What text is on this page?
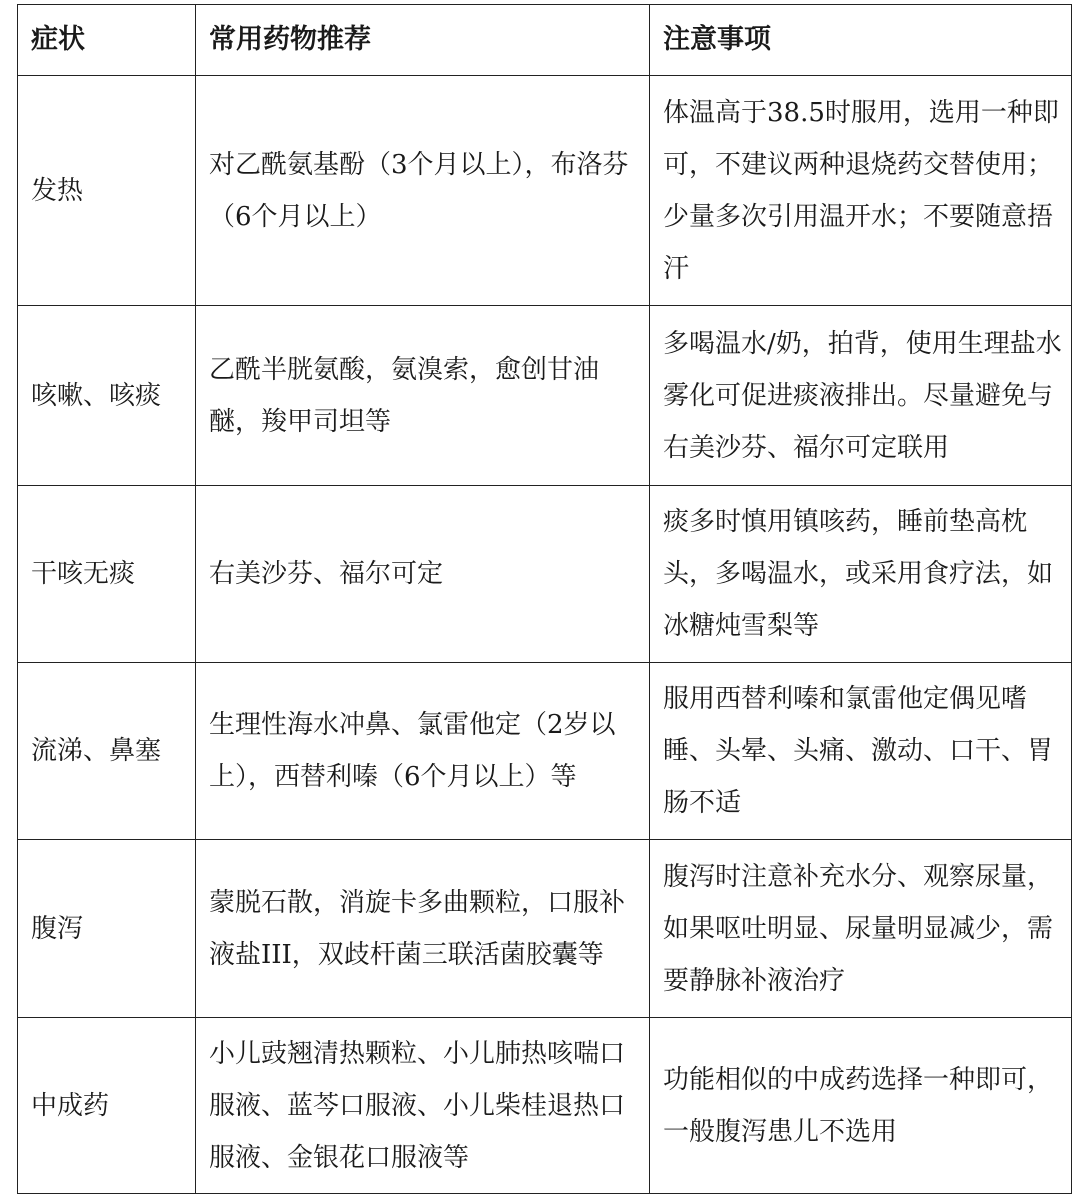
症状	常用药物推荐	注意事项
发热	对乙酰氨基酚（3个月以上），布洛芬（6个月以上）	体温高于38.5时服用，选用一种即可，不建议两种退烧药交替使用；少量多次引用温开水；不要随意捂汗
咳嗽、咳痰	乙酰半胱氨酸，氨溴索，愈创甘油醚，羧甲司坦等	多喝温水/奶，拍背，使用生理盐水雾化可促进痰液排出。尽量避免与右美沙芬、福尔可定联用
干咳无痰	右美沙芬、福尔可定	痰多时慎用镇咳药，睡前垫高枕头，多喝温水，或采用食疗法，如冰糖炖雪梨等
流涕、鼻塞	生理性海水冲鼻、氯雷他定（2岁以上），西替利嗪（6个月以上）等	服用西替利嗪和氯雷他定偶见嗜睡、头晕、头痛、激动、口干、胃肠不适
腹泻	蒙脱石散，消旋卡多曲颗粒，口服补液盐III，双歧杆菌三联活菌胶囊等	腹泻时注意补充水分、观察尿量，如果呕吐明显、尿量明显减少，需要静脉补液治疗
中成药	小儿豉翘清热颗粒、小儿肺热咳喘口服液、蓝芩口服液、小儿柴桂退热口服液、金银花口服液等	功能相似的中成药选择一种即可，一般腹泻患儿不选用
